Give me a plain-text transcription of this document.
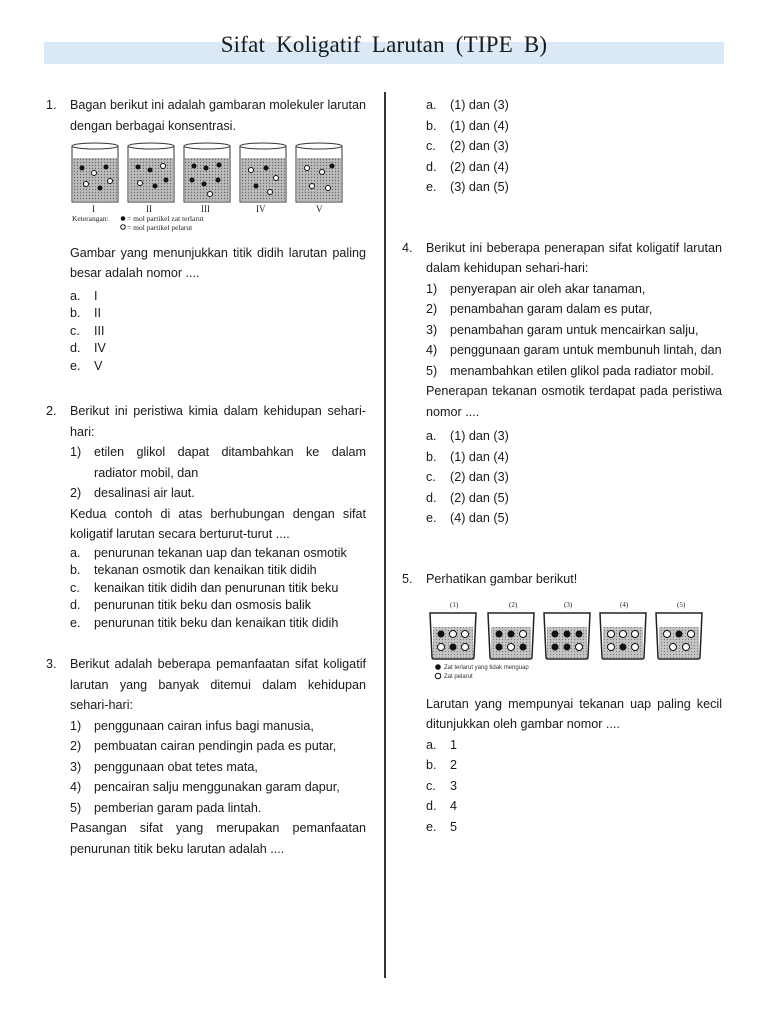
Sifat Koligatif Larutan (TIPE B)
1.	Bagan berikut ini adalah gambaran molekuler larutan dengan berbagai konsentrasi.
I	II	III	IV	V
Keterangan: = mol partikel zat terlarut
= mol partikel pelarut
Gambar yang menunjukkan titik didih larutan paling besar adalah nomor ....
a.	I
b.	II
c.	III
d.	IV
e.	V
2.	Berikut ini peristiwa kimia dalam kehidupan sehari-hari:
1)	etilen glikol dapat ditambahkan ke dalam radiator mobil, dan
2)	desalinasi air laut.
Kedua contoh di atas berhubungan dengan sifat koligatif larutan secara berturut-turut ....
a.	penurunan tekanan uap dan tekanan osmotik
b.	tekanan osmotik dan kenaikan titik didih
c.	kenaikan titik didih dan penurunan titik beku
d.	penurunan titik beku dan osmosis balik
e.	penurunan titik beku dan kenaikan titik didih
3.	Berikut adalah beberapa pemanfaatan sifat koligatif larutan yang banyak ditemui dalam kehidupan sehari-hari:
1)	penggunaan cairan infus bagi manusia,
2)	pembuatan cairan pendingin pada es putar,
3)	penggunaan obat tetes mata,
4)	pencairan salju menggunakan garam dapur,
5)	pemberian garam pada lintah.
Pasangan sifat yang merupakan pemanfaatan penurunan titik beku larutan adalah ....
a.	(1) dan (3)
b.	(1) dan (4)
c.	(2) dan (3)
d.	(2) dan (4)
e.	(3) dan (5)
4.	Berikut ini beberapa penerapan sifat koligatif larutan dalam kehidupan sehari-hari:
1)	penyerapan air oleh akar tanaman,
2)	penambahan garam dalam es putar,
3)	penambahan garam untuk mencairkan salju,
4)	penggunaan garam untuk membunuh lintah, dan
5)	menambahkan etilen glikol pada radiator mobil.
Penerapan tekanan osmotik terdapat pada peristiwa nomor ....
a.	(1) dan (3)
b.	(1) dan (4)
c.	(2) dan (3)
d.	(2) dan (5)
e.	(4) dan (5)
5.	Perhatikan gambar berikut!
(1)	(2)	(3)	(4)	(5)
Zat terlarut yang tidak menguap
Zat pelarut
Larutan yang mempunyai tekanan uap paling kecil ditunjukkan oleh gambar nomor ....
a.	1
b.	2
c.	3
d.	4
e.	5
